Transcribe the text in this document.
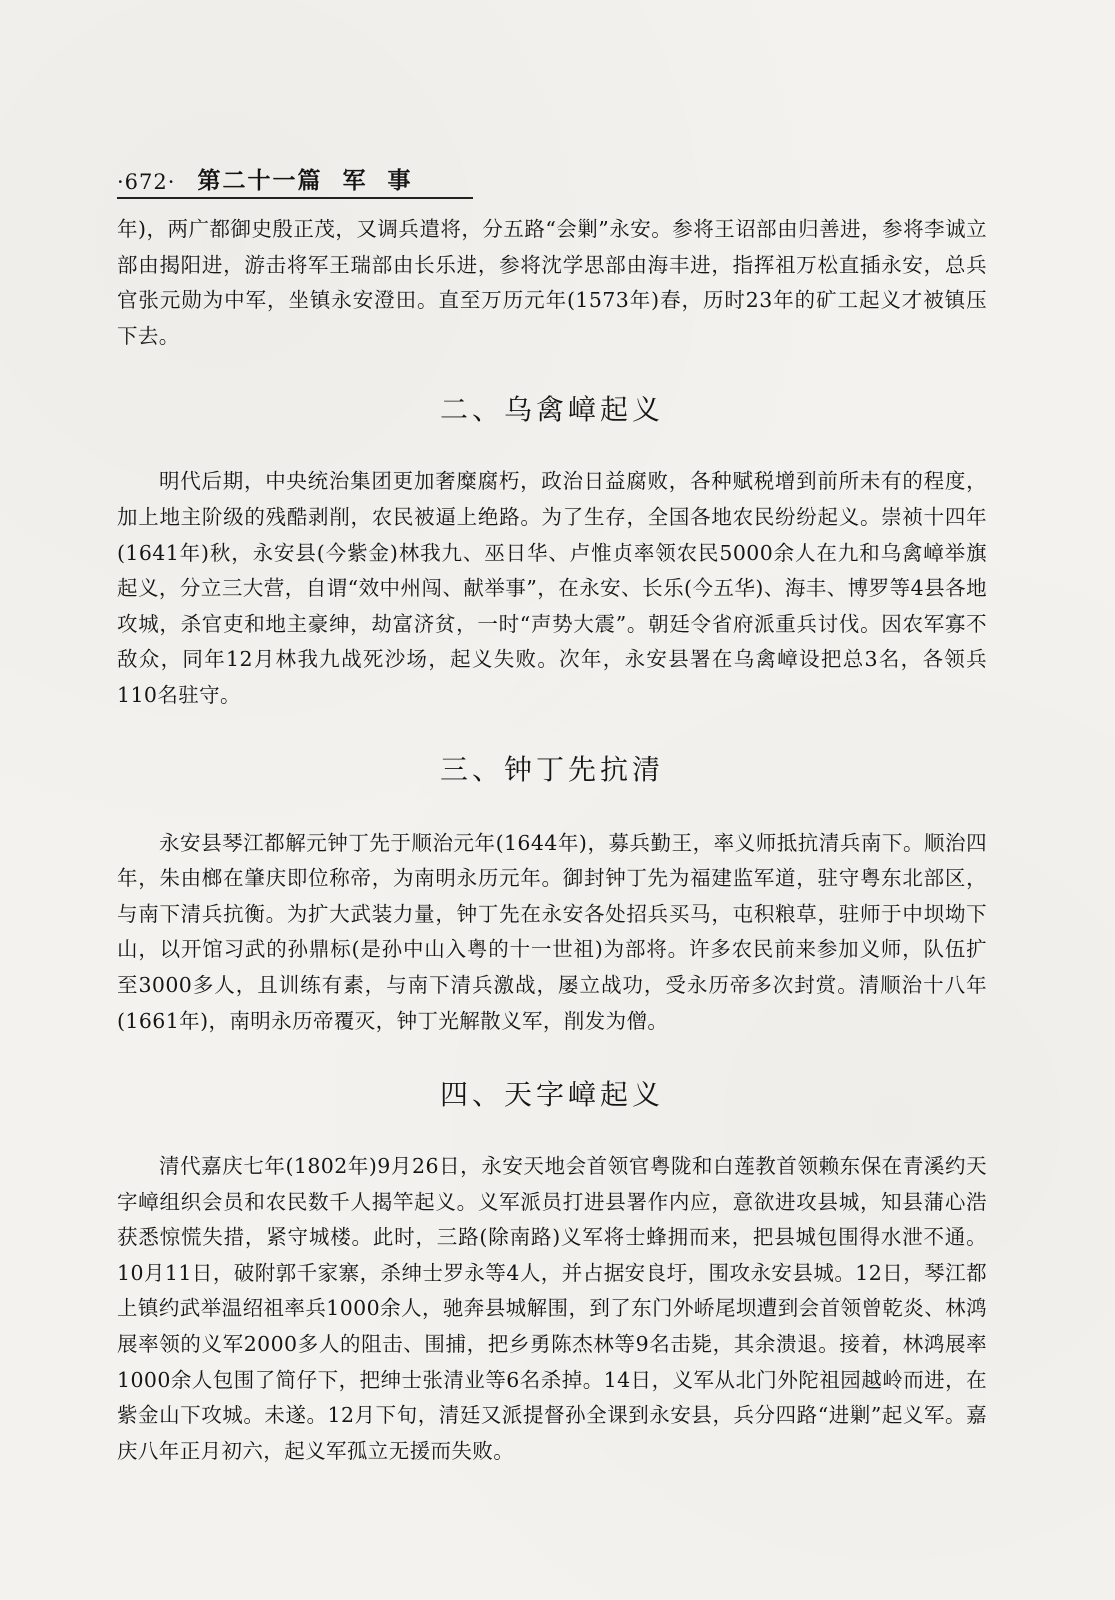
·672· 第二十一篇  军  事

年)，两广都御史殷正茂，又调兵遣将，分五路“会剿”永安。参将王诏部由归善进，参将李诚立部由揭阳进，游击将军王瑞部由长乐进，参将沈学思部由海丰进，指挥祖万松直插永安，总兵官张元勋为中军，坐镇永安澄田。直至万历元年(1573年)春，历时23年的矿工起义才被镇压下去。

二、乌禽嶂起义

明代后期，中央统治集团更加奢糜腐朽，政治日益腐败，各种赋税增到前所未有的程度，加上地主阶级的残酷剥削，农民被逼上绝路。为了生存，全国各地农民纷纷起义。崇祯十四年(1641年)秋，永安县(今紫金)林我九、巫日华、卢惟贞率领农民5000余人在九和乌禽嶂举旗起义，分立三大营，自谓“效中州闯、献举事”，在永安、长乐(今五华)、海丰、博罗等4县各地攻城，杀官吏和地主豪绅，劫富济贫，一时“声势大震”。朝廷令省府派重兵讨伐。因农军寡不敌众，同年12月林我九战死沙场，起义失败。次年，永安县署在乌禽嶂设把总3名，各领兵110名驻守。

三、钟丁先抗清

永安县琴江都解元钟丁先于顺治元年(1644年)，募兵勤王，率义师抵抗清兵南下。顺治四年，朱由榔在肇庆即位称帝，为南明永历元年。御封钟丁先为福建监军道，驻守粤东北部区，与南下清兵抗衡。为扩大武装力量，钟丁先在永安各处招兵买马，屯积粮草，驻师于中坝坳下山，以开馆习武的孙鼎标(是孙中山入粤的十一世祖)为部将。许多农民前来参加义师，队伍扩至3000多人，且训练有素，与南下清兵激战，屡立战功，受永历帝多次封赏。清顺治十八年(1661年)，南明永历帝覆灭，钟丁光解散义军，削发为僧。

四、天字嶂起义

清代嘉庆七年(1802年)9月26日，永安天地会首领官粤陇和白莲教首领赖东保在青溪约天字嶂组织会员和农民数千人揭竿起义。义军派员打进县署作内应，意欲进攻县城，知县蒲心浩获悉惊慌失措，紧守城楼。此时，三路(除南路)义军将士蜂拥而来，把县城包围得水泄不通。10月11日，破附郭千家寨，杀绅士罗永等4人，并占据安良圩，围攻永安县城。12日，琴江都上镇约武举温绍祖率兵1000余人，驰奔县城解围，到了东门外峤尾坝遭到会首领曾乾炎、林鸿展率领的义军2000多人的阻击、围捕，把乡勇陈杰林等9名击毙，其余溃退。接着，林鸿展率1000余人包围了简仔下，把绅士张清业等6名杀掉。14日，义军从北门外陀祖园越岭而进，在紫金山下攻城。未遂。12月下旬，清廷又派提督孙全课到永安县，兵分四路“进剿”起义军。嘉庆八年正月初六，起义军孤立无援而失败。
